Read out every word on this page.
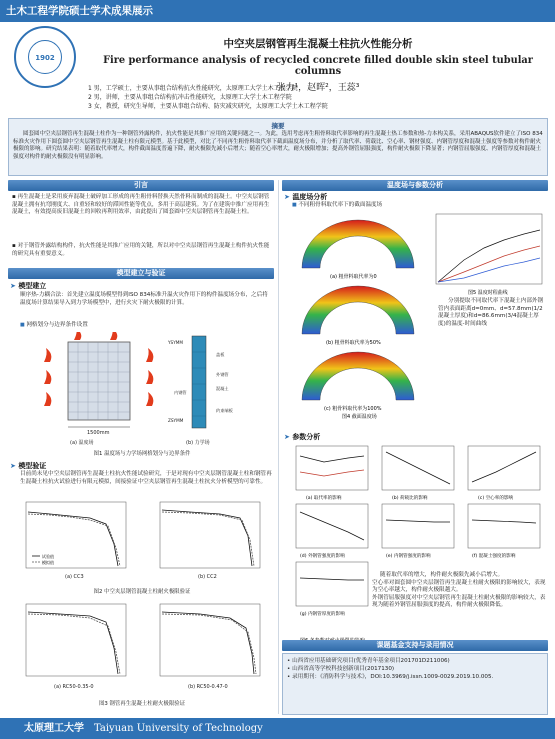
土木工程学院硕士学术成果展示
1902
中空夹层钢管再生混凝土柱抗火性能分析
Fire performance analysis of recycled concrete filled double skin steel tubular columns
张力¹，赵晖²，王蕊³
1 男，工学硕士，主要从事组合结构抗火性能研究，太原理工大学土木工程学院
2 男，讲师，主要从事组合结构抗冲击性能研究，太原理工大学土木工程学院
3 女，教授，研究生导师，主要从事组合结构、防灾减灾研究，太原理工大学土木工程学院
摘要
圆套圆中空夹层钢管再生混凝土柱作为一种钢管外露构件，抗火性能是其推广应用的关键问题之一。为此，选用考虑再生粗骨料取代率影响的再生混凝土热工参数和热-力本构关系，采用ABAQUS软件建立了ISO 834标准火灾作用下圆套圆中空夹层钢管再生混凝土柱有限元模型。基于此模型，对比了不同再生粗骨料取代率下截面温度场分布，并分析了取代率、荷载比、空心率、钢材强度、内钢管厚度和混凝土强度等参数对构件耐火极限的影响。研究结果表明：随着取代率增大，构件截面温度普遍下降，耐火极限先减小后增大；随着空心率增大，耐火极限增加；提高外钢管屈服强度，构件耐火极限下降显著；内钢管屈服强度、内钢管厚度和混凝土强度对构件的耐火极限没有明显影响。
引言
▪ 再生混凝土是采用废弃混凝土破碎加工形成的再生粗骨料替换天然骨料而制成的混凝土。中空夹层钢管混凝土拥有抗弯刚度大、自重轻和较好的滞回性能等优点，多用于高层建筑。为了在建筑中推广应用再生混凝土，有效提高废旧混凝土的回收再利用效率，由此提出了圆套圆中空夹层钢管再生混凝土柱。
▪ 对于钢管外露结构构件，抗火性能是其推广应用的关键，所以对中空夹层钢管再生混凝土构件抗火性能的研究具有重要意义。
模型建立与验证
➤ 模型建立
顺序热-力耦合法：首先建立温度场模型得到ISO 834标准升温火灾作用下的构件温度场分布，之后将温度场计算结果导入到力学场模型中，进行火灾下耐火极限的计算。
■ 网格划分与边界条件设置
1500mm
YSYMM
ZSYMM
盖板
外钢管
混凝土
内钢管
约束端板
(a) 温度场	(b) 力学场
图1 温度场与力学场网格划分与边界条件
➤ 模型验证
目前尚未见中空夹层钢管再生混凝土柱抗火性能试验研究，于是对现有中空夹层钢管混凝土柱和钢管再生混凝土柱抗火试验进行有限元模拟，间接验证中空夹层钢管再生混凝土柱抗火分析模型的可靠性。
试验值
模拟值
(a) CC3	(b) CC2
图2 中空夹层钢管混凝土柱耐火极限验证
(a) RC50-0.35-0	(b) RC50-0.47-0
图3 钢管再生混凝土柱耐火极限验证
温度场与参数分析
➤ 温度场分析
■ 不同粗骨料取代率下的截面温度场
(a) 粗骨料取代率为0
(b) 粗骨料取代率为50%
(c) 粗骨料取代率为100%
图4 截面温度场
图5 温度时程曲线
分别提取不同取代率下混凝土内部外钢管内表面距离d=0mm、d=57.8mm(1/2混凝土厚度)和d=86.6mm(3/4混凝土厚度)的温度-时间曲线
➤ 参数分析
(a) 取代率的影响	(b) 荷载比的影响	(c) 空心率的影响
(d) 外钢管强度的影响	(e) 内钢管强度的影响	(f) 混凝土强度的影响
(g) 内钢管厚度的影响
随着取代率的增大，构件耐火极限先减小后增大。
空心率对圆套圆中空夹层钢管再生混凝土柱耐火极限的影响较大，表现为空心率越大，构件耐火极限越大。
外钢管屈服强度对中空夹层钢管再生混凝土柱耐火极限的影响较大，表现为随着外钢管屈服强度的提高，构件耐火极限降低。
课题基金支持与录用情况
• 山西省应用基础研究项目(优秀青年基金项目201701D211006)
• 山西省高等学校科技创新项目(2017130)
• 录用期刊：《消防科学与技术》，DOI:10.3969/j.issn.1009-0029.2019.10.005.
太原理工大学 Taiyuan University of Technology
